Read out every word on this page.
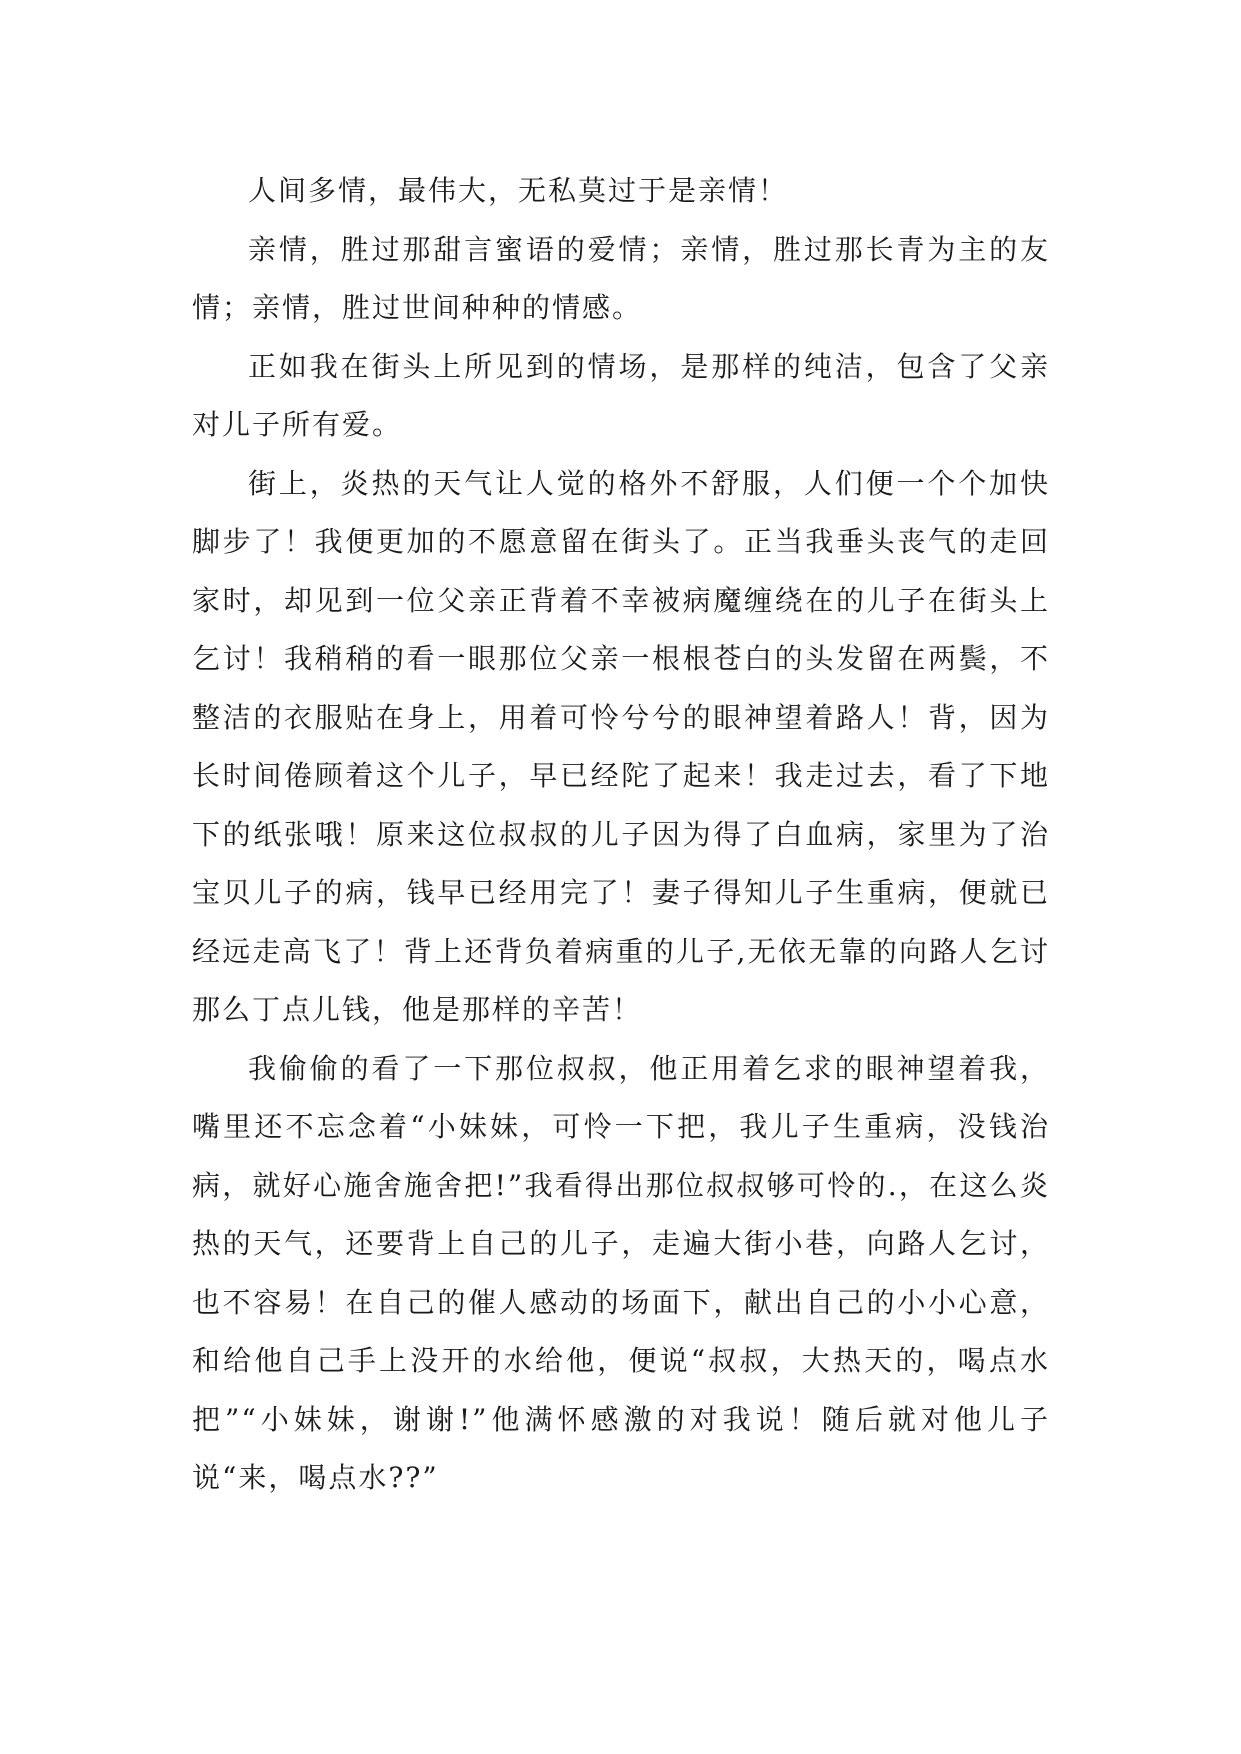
人间多情，最伟大，无私莫过于是亲情！

亲情，胜过那甜言蜜语的爱情；亲情，胜过那长青为主的友情；亲情，胜过世间种种的情感。

正如我在街头上所见到的情场，是那样的纯洁，包含了父亲对儿子所有爱。

街上，炎热的天气让人觉的格外不舒服，人们便一个个加快脚步了！我便更加的不愿意留在街头了。正当我垂头丧气的走回家时，却见到一位父亲正背着不幸被病魔缠绕在的儿子在街头上乞讨！我稍稍的看一眼那位父亲一根根苍白的头发留在两鬓，不整洁的衣服贴在身上，用着可怜兮兮的眼神望着路人！背，因为长时间倦顾着这个儿子，早已经陀了起来！我走过去，看了下地下的纸张哦！原来这位叔叔的儿子因为得了白血病，家里为了治宝贝儿子的病，钱早已经用完了！妻子得知儿子生重病，便就已经远走高飞了！背上还背负着病重的儿子,无依无靠的向路人乞讨那么丁点儿钱，他是那样的辛苦！

我偷偷的看了一下那位叔叔，他正用着乞求的眼神望着我，嘴里还不忘念着“小妹妹，可怜一下把，我儿子生重病，没钱治病，就好心施舍施舍把!”我看得出那位叔叔够可怜的.，在这么炎热的天气，还要背上自己的儿子，走遍大街小巷，向路人乞讨，也不容易！在自己的催人感动的场面下，献出自己的小小心意，和给他自己手上没开的水给他，便说“叔叔，大热天的，喝点水把”“小妹妹，谢谢!”他满怀感激的对我说！随后就对他儿子说“来，喝点水??”
